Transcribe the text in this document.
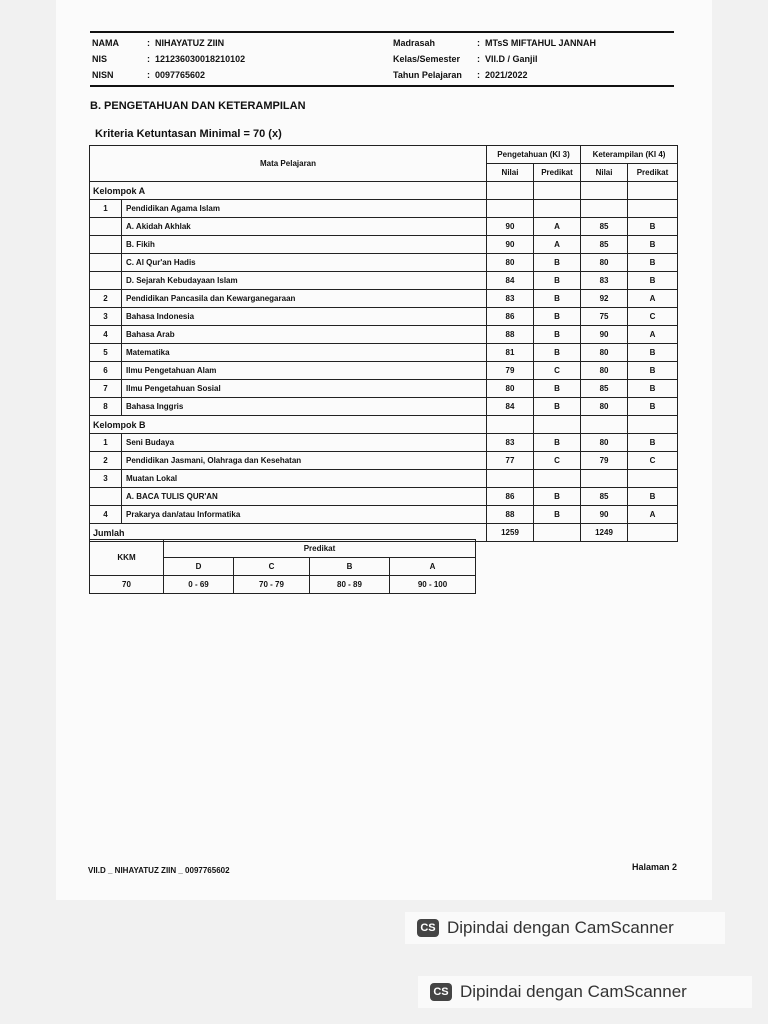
NAMA	:  NIHAYATUZ ZIIN
NIS	:  121236030018210102
NISN	:  0097765602
Madrasah	:  MTsS MIFTAHUL JANNAH
Kelas/Semester :  VII.D / Ganjil
Tahun Pelajaran :  2021/2022
B. PENGETAHUAN DAN KETERAMPILAN
Kriteria Ketuntasan Minimal = 70 (x)
Mata Pelajaran		Pengetahuan (KI 3)		Keterampilan (KI 4)	
		Nilai	Predikat	Nilai	Predikat
Kelompok A					
1	Pendidikan Agama Islam				
	A. Akidah Akhlak	90	A	85	B
	B. Fikih	90	A	85	B
	C. Al Qur'an Hadis	80	B	80	B
	D. Sejarah Kebudayaan Islam	84	B	83	B
2	Pendidikan Pancasila dan Kewarganegaraan	83	B	92	A
3	Bahasa Indonesia	86	B	75	C
4	Bahasa Arab	88	B	90	A
5	Matematika	81	B	80	B
6	Ilmu Pengetahuan Alam	79	C	80	B
7	Ilmu Pengetahuan Sosial	80	B	85	B
8	Bahasa Inggris	84	B	80	B
Kelompok B					
1	Seni Budaya	83	B	80	B
2	Pendidikan Jasmani, Olahraga dan Kesehatan	77	C	79	C
3	Muatan Lokal				
	A. BACA TULIS QUR'AN	86	B	85	B
4	Prakarya dan/atau Informatika	88	B	90	A
Jumlah		1259		1249	
KKM	Predikat			
	D	C	B	A
70	0 - 69	70 - 79	80 - 89	90 - 100
VII.D _ NIHAYATUZ ZIIN _ 0097765602	Halaman 2
CS Dipindai dengan CamScanner
CS Dipindai dengan CamScanner
